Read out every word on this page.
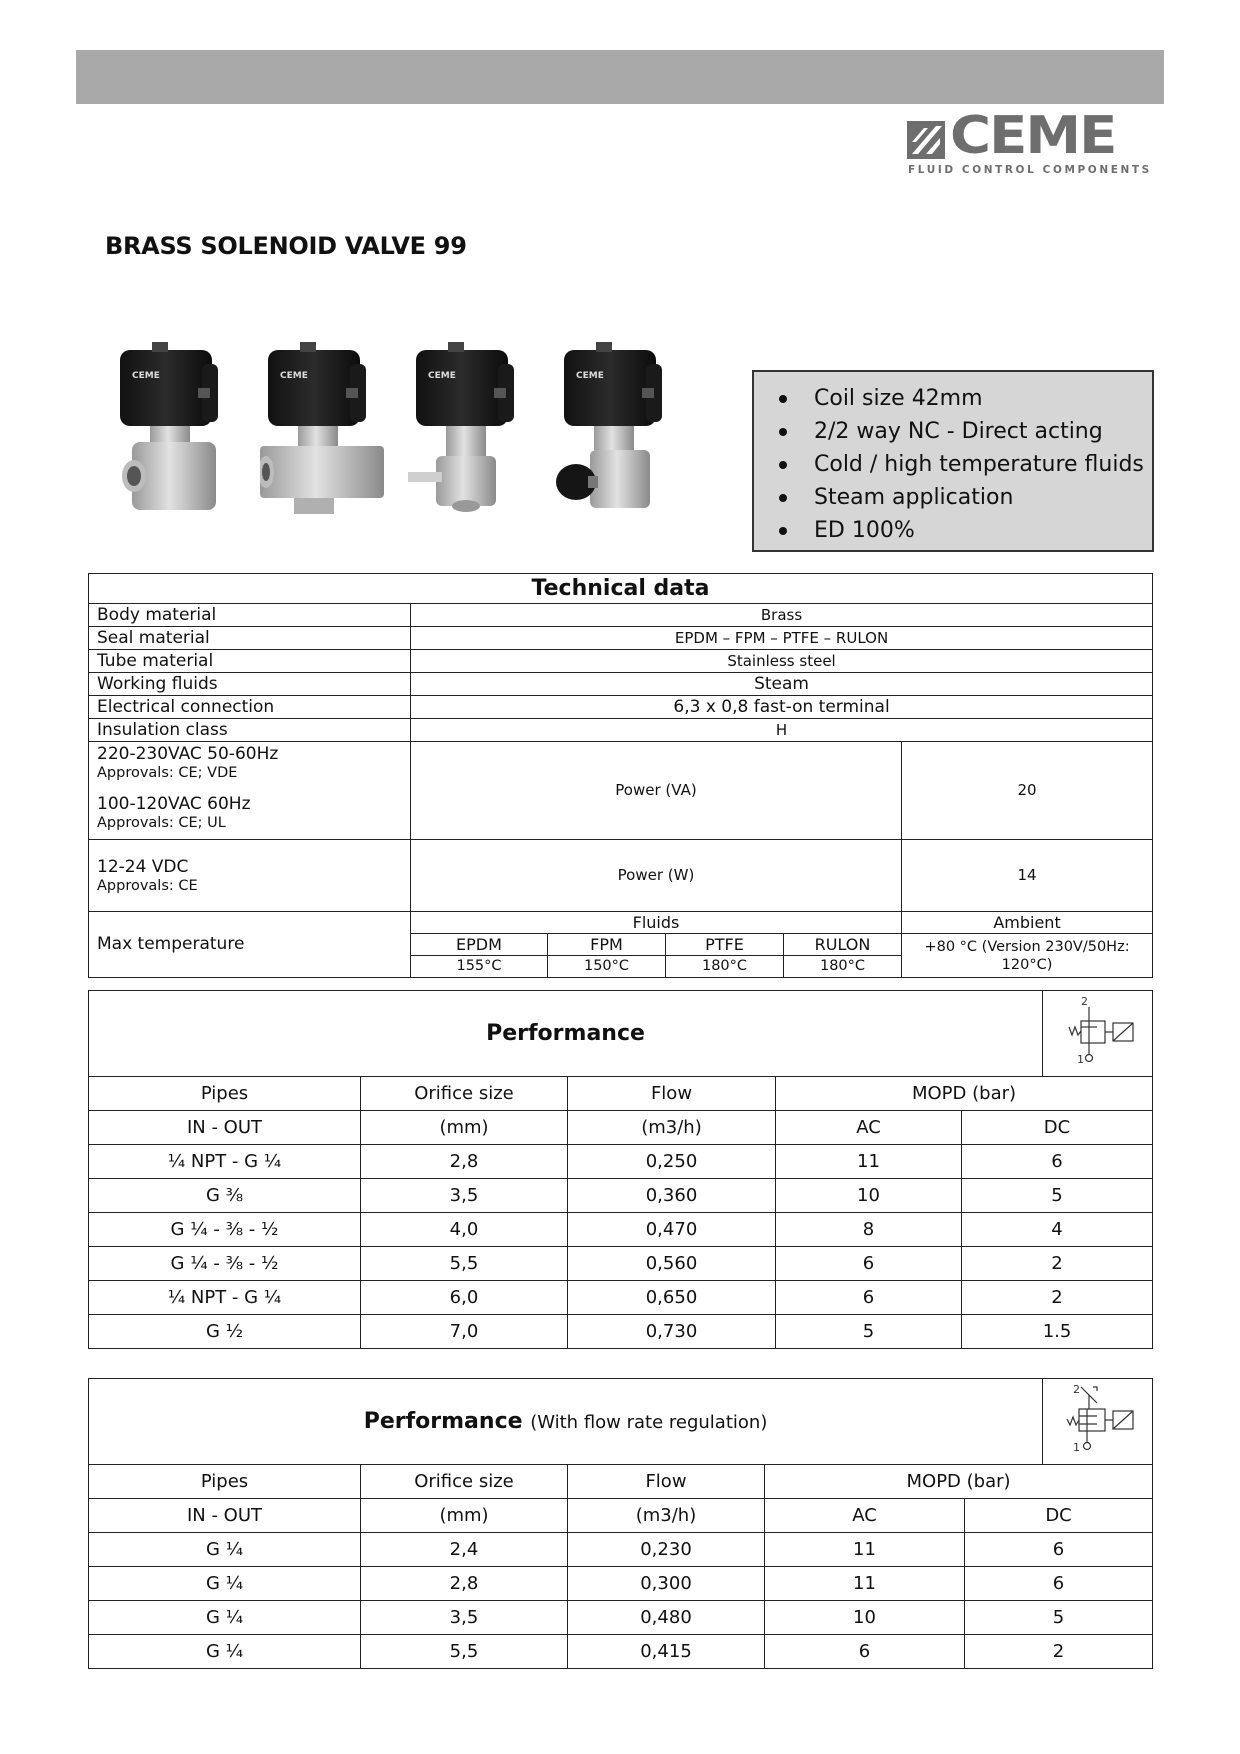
CEME
FLUID CONTROL COMPONENTS
BRASS SOLENOID VALVE 99
CEME	CEME	CEME	CEME
Coil size 42mm
2/2 way NC - Direct acting
Cold / high temperature fluids
Steam application
ED 100%
Technical data					
Body material	Brass				
Seal material	EPDM – FPM – PTFE – RULON				
Tube material	Stainless steel				
Working fluids	Steam				
Electrical connection	6,3 x 0,8 fast-on terminal				
Insulation class	H				

220-230VAC 50-60Hz
Approvals: CE; VDE
100-120VAC 60Hz
Approvals: CE; UL	Power (VA)				20

12-24 VDC
Approvals: CE	Power (W)				14
Max temperature	Fluids				Ambient
	EPDM	FPM	PTFE	RULON	+80 °C (Version 230V/50Hz: 120°C)
	155°C	150°C	180°C	180°C	
Performance					2
1

Pipes	Orifice size	Flow	MOPD (bar)		
IN - OUT	(mm)	(m3/h)	AC	DC	
¼ NPT - G ¼	2,8	0,250	11	6	
G ⅜	3,5	0,360	10	5	
G ¼ - ⅜ - ½	4,0	0,470	8	4	
G ¼ - ⅜ - ½	5,5	0,560	6	2	
¼ NPT - G ¼	6,0	0,650	6	2	
G ½	7,0	0,730	5	1.5	
Performance (With flow rate regulation)					2
1

Pipes	Orifice size	Flow	MOPD (bar)		
IN - OUT	(mm)	(m3/h)	AC	DC	
G ¼	2,4	0,230	11	6	
G ¼	2,8	0,300	11	6	
G ¼	3,5	0,480	10	5	
G ¼	5,5	0,415	6	2	
